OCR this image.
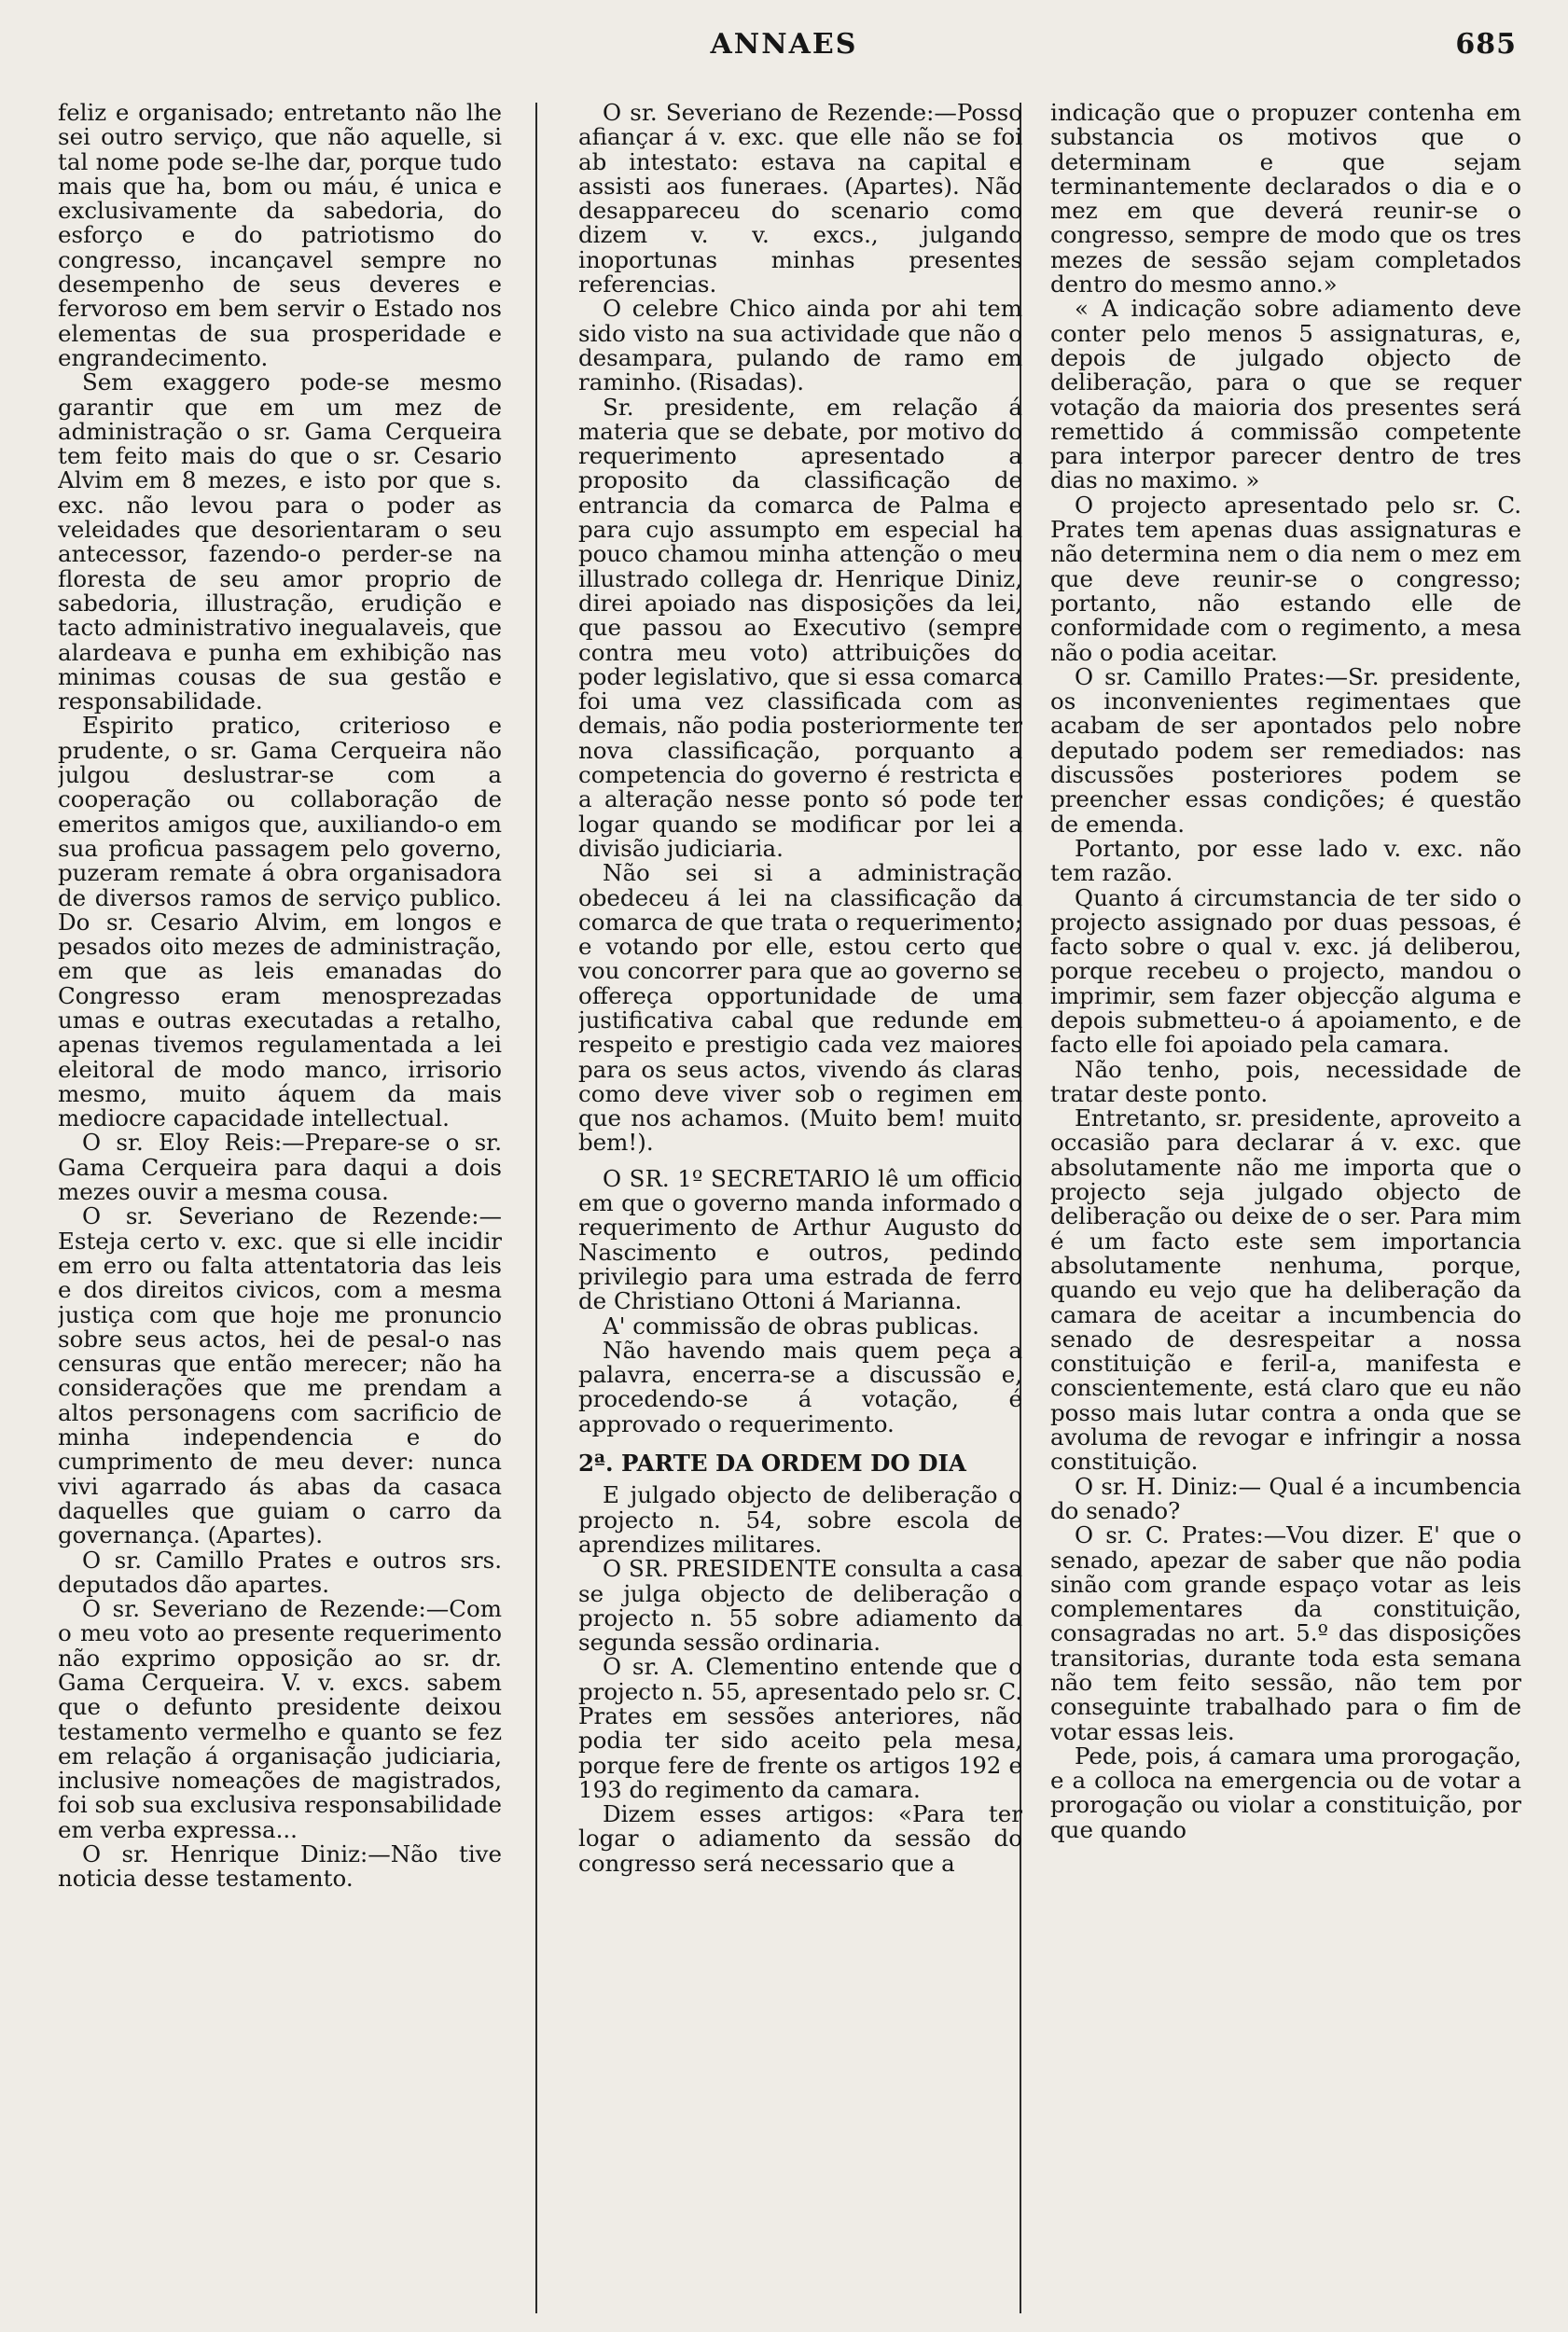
ANNAES	685

feliz e organisado; entretanto não lhe sei outro serviço, que não aquelle, si tal nome pode se-lhe dar, porque tudo mais que ha, bom ou máu, é unica e exclusivamente da sabedoria, do esforço e do patriotismo do congresso, incançavel sempre no desempenho de seus deveres e fervoroso em bem servir o Estado nos elementas de sua prosperidade e engrandecimento.

Sem exaggero pode-se mesmo garantir que em um mez de administração o sr. Gama Cerqueira tem feito mais do que o sr. Cesario Alvim em 8 mezes, e isto por que s. exc. não levou para o poder as veleidades que desorientaram o seu antecessor, fazendo-o perder-se na floresta de seu amor proprio de sabedoria, illustração, erudição e tacto administrativo inegualaveis, que alardeava e punha em exhibição nas minimas cousas de sua gestão e responsabilidade.

Espirito pratico, criterioso e prudente, o sr. Gama Cerqueira não julgou deslustrar-se com a cooperação ou collaboração de emeritos amigos que, auxiliando-o em sua proficua passagem pelo governo, puzeram remate á obra organisadora de diversos ramos de serviço publico. Do sr. Cesario Alvim, em longos e pesados oito mezes de administração, em que as leis emanadas do Congresso eram menosprezadas umas e outras executadas a retalho, apenas tivemos regulamentada a lei eleitoral de modo manco, irrisorio mesmo, muito áquem da mais mediocre capacidade intellectual.

O sr. Eloy Reis:—Prepare-se o sr. Gama Cerqueira para daqui a dois mezes ouvir a mesma cousa.

O sr. Severiano de Rezende:—Esteja certo v. exc. que si elle incidir em erro ou falta attentatoria das leis e dos direitos civicos, com a mesma justiça com que hoje me pronuncio sobre seus actos, hei de pesal-o nas censuras que então merecer; não ha considerações que me prendam a altos personagens com sacrificio de minha independencia e do cumprimento de meu dever: nunca vivi agarrado ás abas da casaca daquelles que guiam o carro da governança. (Apartes).

O sr. Camillo Prates e outros srs. deputados dão apartes.

O sr. Severiano de Rezende:—Com o meu voto ao presente requerimento não exprimo opposição ao sr. dr. Gama Cerqueira. V. v. excs. sabem que o defunto presidente deixou testamento vermelho e quanto se fez em relação á organisação judiciaria, inclusive nomeações de magistrados, foi sob sua exclusiva responsabilidade em verba expressa...

O sr. Henrique Diniz:—Não tive noticia desse testamento.

O sr. Severiano de Rezende:—Posso afiançar á v. exc. que elle não se foi ab intestato: estava na capital e assisti aos funeraes. (Apartes). Não desappareceu do scenario como dizem v. v. excs., julgando inoportunas minhas presentes referencias.

O celebre Chico ainda por ahi tem sido visto na sua actividade que não o desampara, pulando de ramo em raminho. (Risadas).

Sr. presidente, em relação á materia que se debate, por motivo do requerimento apresentado a proposito da classificação de entrancia da comarca de Palma e para cujo assumpto em especial ha pouco chamou minha attenção o meu illustrado collega dr. Henrique Diniz, direi apoiado nas disposições da lei, que passou ao Executivo (sempre contra meu voto) attribuições do poder legislativo, que si essa comarca foi uma vez classificada com as demais, não podia posteriormente ter nova classificação, porquanto a competencia do governo é restricta e a alteração nesse ponto só pode ter logar quando se modificar por lei a divisão judiciaria.

Não sei si a administração obedeceu á lei na classificação da comarca de que trata o requerimento; e votando por elle, estou certo que vou concorrer para que ao governo se offereça opportunidade de uma justificativa cabal que redunde em respeito e prestigio cada vez maiores para os seus actos, vivendo ás claras como deve viver sob o regimen em que nos achamos. (Muito bem! muito bem!).

O SR. 1º SECRETARIO lê um officio em que o governo manda informado o requerimento de Arthur Augusto do Nascimento e outros, pedindo privilegio para uma estrada de ferro de Christiano Ottoni á Marianna.

A' commissão de obras publicas.

Não havendo mais quem peça a palavra, encerra-se a discussão e, procedendo-se á votação, é approvado o requerimento.

2ª. PARTE DA ORDEM DO DIA

E julgado objecto de deliberação o projecto n. 54, sobre escola de aprendizes militares.

O SR. PRESIDENTE consulta a casa se julga objecto de deliberação o projecto n. 55 sobre adiamento da segunda sessão ordinaria.

O sr. A. Clementino entende que o projecto n. 55, apresentado pelo sr. C. Prates em sessões anteriores, não podia ter sido aceito pela mesa, porque fere de frente os artigos 192 e 193 do regimento da camara.

Dizem esses artigos: «Para ter logar o adiamento da sessão do congresso será necessario que a

indicação que o propuzer contenha em substancia os motivos que o determinam e que sejam terminantemente declarados o dia e o mez em que deverá reunir-se o congresso, sempre de modo que os tres mezes de sessão sejam completados dentro do mesmo anno.»

« A indicação sobre adiamento deve conter pelo menos 5 assignaturas, e, depois de julgado objecto de deliberação, para o que se requer votação da maioria dos presentes será remettido á commissão competente para interpor parecer dentro de tres dias no maximo. »

O projecto apresentado pelo sr. C. Prates tem apenas duas assignaturas e não determina nem o dia nem o mez em que deve reunir-se o congresso; portanto, não estando elle de conformidade com o regimento, a mesa não o podia aceitar.

O sr. Camillo Prates:—Sr. presidente, os inconvenientes regimentaes que acabam de ser apontados pelo nobre deputado podem ser remediados: nas discussões posteriores podem se preencher essas condições; é questão de emenda.

Portanto, por esse lado v. exc. não tem razão.

Quanto á circumstancia de ter sido o projecto assignado por duas pessoas, é facto sobre o qual v. exc. já deliberou, porque recebeu o projecto, mandou o imprimir, sem fazer objecção alguma e depois submetteu-o á apoiamento, e de facto elle foi apoiado pela camara.

Não tenho, pois, necessidade de tratar deste ponto.

Entretanto, sr. presidente, aproveito a occasião para declarar á v. exc. que absolutamente não me importa que o projecto seja julgado objecto de deliberação ou deixe de o ser. Para mim é um facto este sem importancia absolutamente nenhuma, porque, quando eu vejo que ha deliberação da camara de aceitar a incumbencia do senado de desrespeitar a nossa constituição e feril-a, manifesta e conscientemente, está claro que eu não posso mais lutar contra a onda que se avoluma de revogar e infringir a nossa constituição.

O sr. H. Diniz:— Qual é a incumbencia do senado?

O sr. C. Prates:—Vou dizer. E' que o senado, apezar de saber que não podia sinão com grande espaço votar as leis complementares da constituição, consagradas no art. 5.º das disposições transitorias, durante toda esta semana não tem feito sessão, não tem por conseguinte trabalhado para o fim de votar essas leis.

Pede, pois, á camara uma prorogação, e a colloca na emergencia ou de votar a prorogação ou violar a constituição, por que quando
